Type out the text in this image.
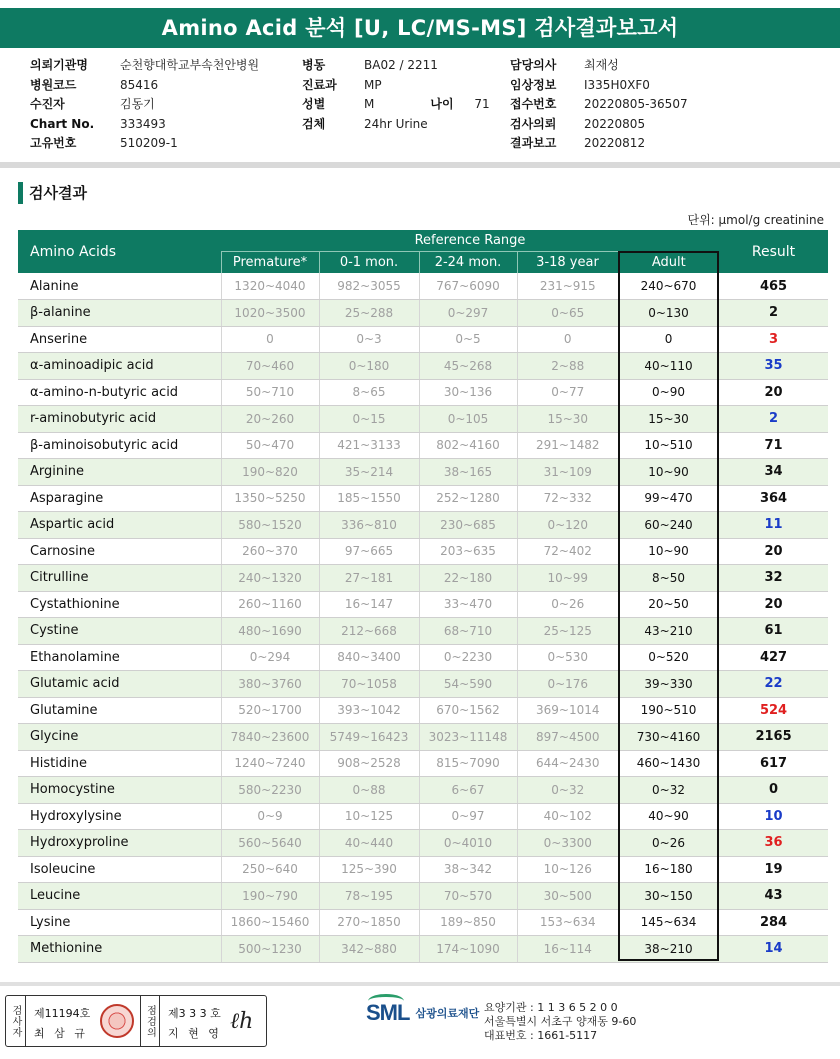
Amino Acid 분석 [U, LC/MS-MS] 검사결과보고서
의뢰기관명	순천향대학교부속천안병원
병원코드	85416
수진자	김동기
Chart No.	333493
고유번호	510209-1
병동	BA02 / 2211
진료과	MP
성별	M	나이	71
검체	24hr Urine
담당의사	최재성
임상정보	I335H0XF0
접수번호	20220805-36507
검사의뢰	20220805
결과보고	20220812
검사결과
단위: μmol/g creatinine
Amino Acids	Reference Range					Result
	Premature*	0-1 mon.	2-24 mon.	3-18 year	Adult	
Alanine	1320~4040	982~3055	767~6090	231~915	240~670	465
β-alanine	1020~3500	25~288	0~297	0~65	0~130	2
Anserine	0	0~3	0~5	0	0	3
α-aminoadipic acid	70~460	0~180	45~268	2~88	40~110	35
α-amino-n-butyric acid	50~710	8~65	30~136	0~77	0~90	20
r-aminobutyric acid	20~260	0~15	0~105	15~30	15~30	2
β-aminoisobutyric acid	50~470	421~3133	802~4160	291~1482	10~510	71
Arginine	190~820	35~214	38~165	31~109	10~90	34
Asparagine	1350~5250	185~1550	252~1280	72~332	99~470	364
Aspartic acid	580~1520	336~810	230~685	0~120	60~240	11
Carnosine	260~370	97~665	203~635	72~402	10~90	20
Citrulline	240~1320	27~181	22~180	10~99	8~50	32
Cystathionine	260~1160	16~147	33~470	0~26	20~50	20
Cystine	480~1690	212~668	68~710	25~125	43~210	61
Ethanolamine	0~294	840~3400	0~2230	0~530	0~520	427
Glutamic acid	380~3760	70~1058	54~590	0~176	39~330	22
Glutamine	520~1700	393~1042	670~1562	369~1014	190~510	524
Glycine	7840~23600	5749~16423	3023~11148	897~4500	730~4160	2165
Histidine	1240~7240	908~2528	815~7090	644~2430	460~1430	617
Homocystine	580~2230	0~88	6~67	0~32	0~32	0
Hydroxylysine	0~9	10~125	0~97	40~102	40~90	10
Hydroxyproline	560~5640	40~440	0~4010	0~3300	0~26	36
Isoleucine	250~640	125~390	38~342	10~126	16~180	19
Leucine	190~790	78~195	70~570	30~500	30~150	43
Lysine	1860~15460	270~1850	189~850	153~634	145~634	284
Methionine	500~1230	342~880	174~1090	16~114	38~210	14
검사자 제11194호
최 삼 규	점검의 제3 3 3 호
지 현 영 ℓh	SML 삼광의료재단 요양기관 : 1 1 3 6 5 2 0 0
서울특별시 서초구 양재동 9-60
대표번호 : 1661-5117
